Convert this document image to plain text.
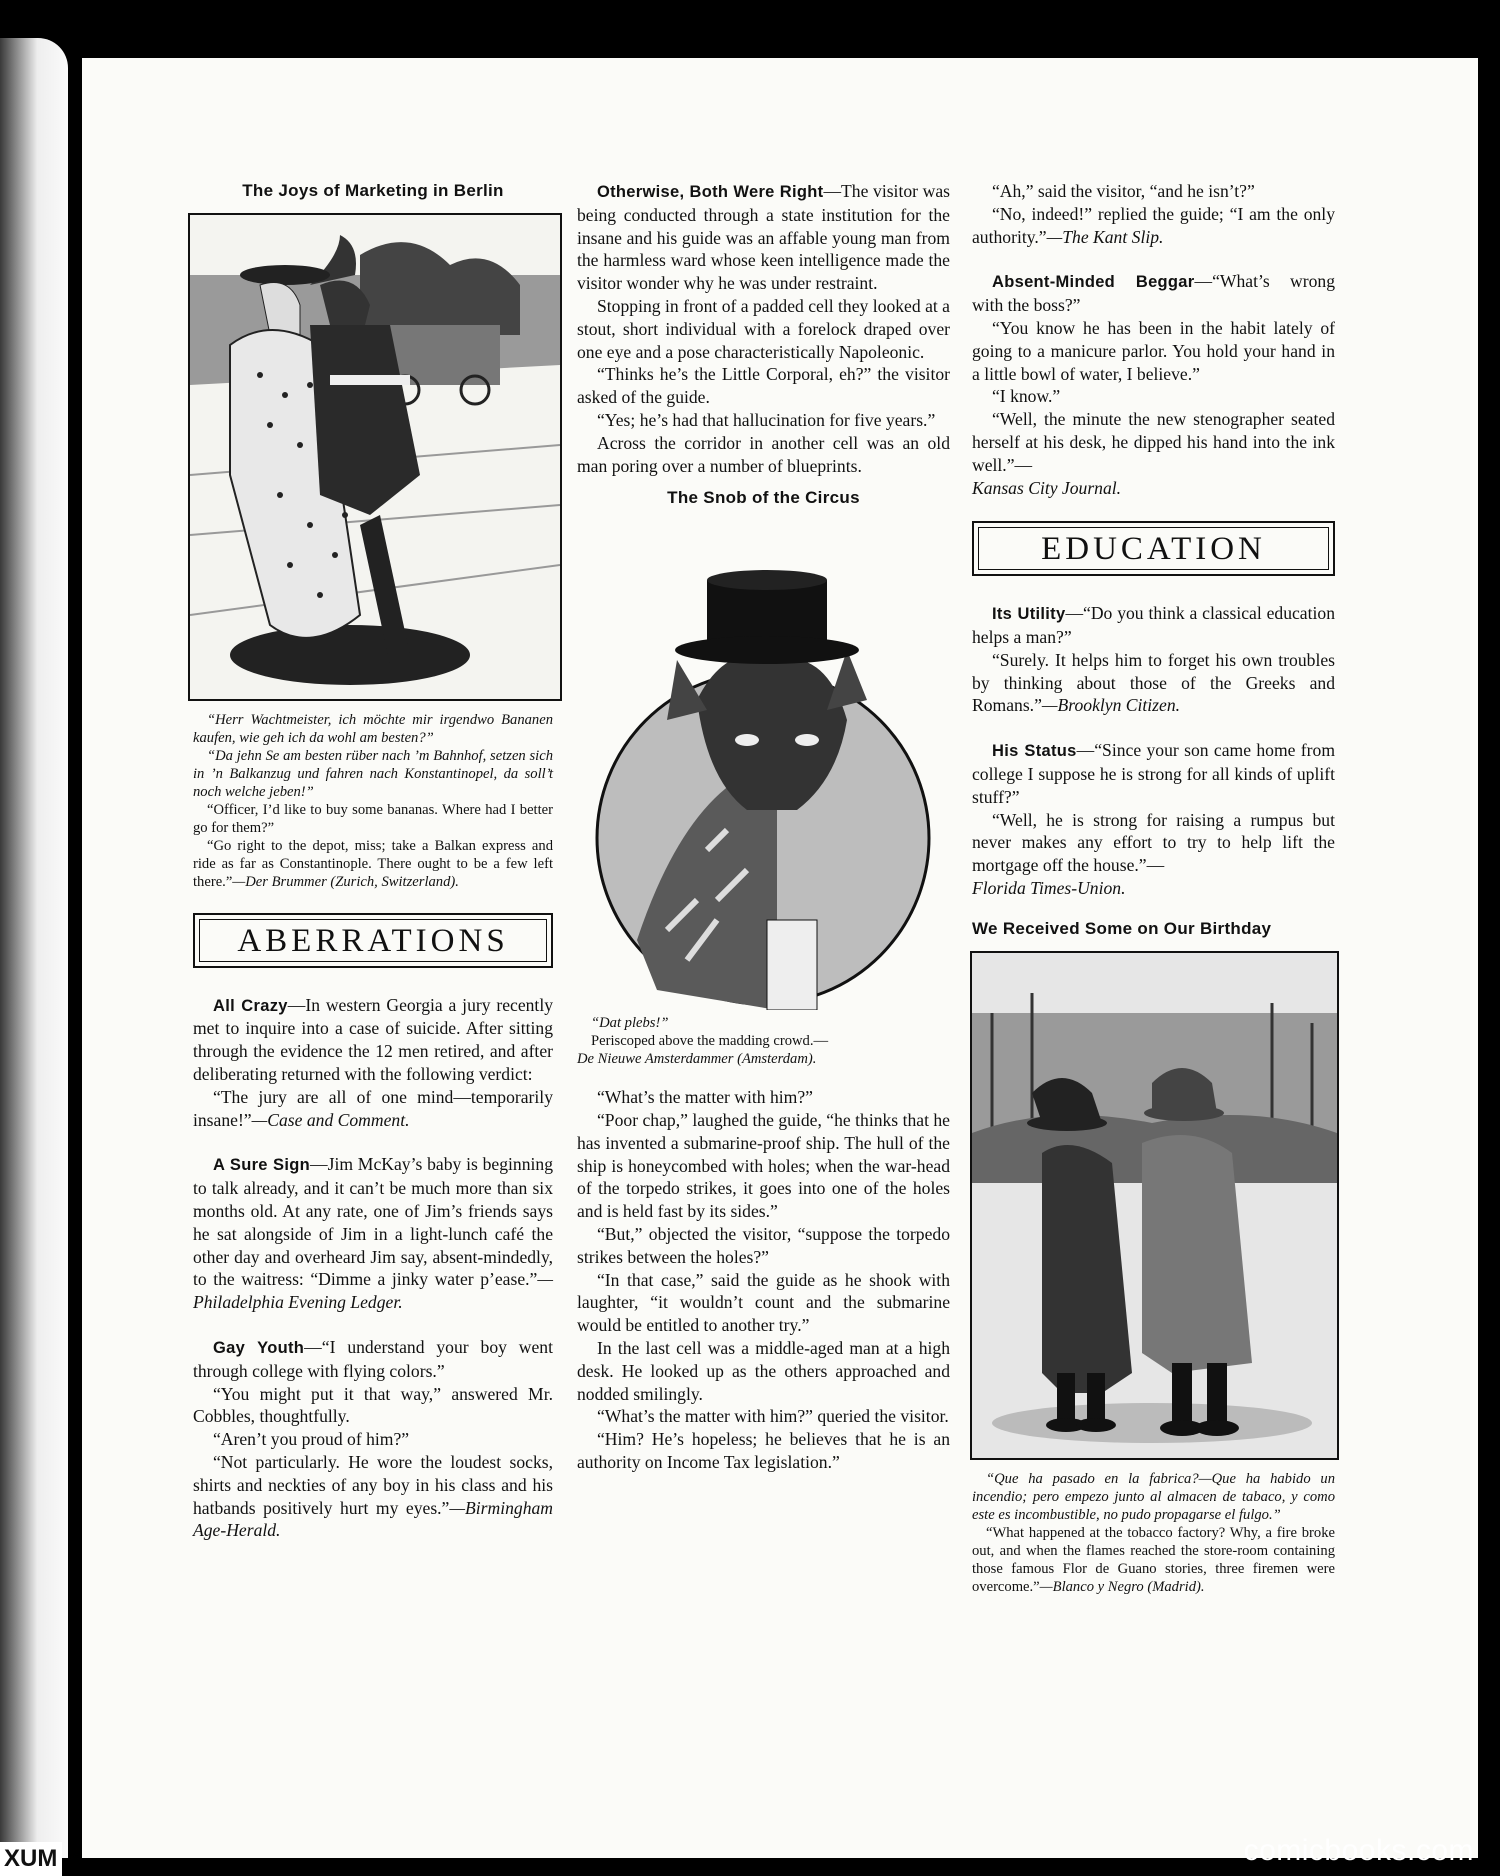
The Joys of Marketing in Berlin

“Herr Wachtmeister, ich möchte mir irgendwo Bananen kaufen, wie geh ich da wohl am besten?”

“Da jehn Se am besten rüber nach ’m Bahnhof, setzen sich in ’n Balkanzug und fahren nach Konstantinopel, da soll’t noch welche jeben!”

“Officer, I’d like to buy some bananas. Where had I better go for them?”

“Go right to the depot, miss; take a Balkan express and ride as far as Constantinople. There ought to be a few left there.”—Der Brummer (Zurich, Switzerland).

ABERRATIONS

All Crazy—In western Georgia a jury recently met to inquire into a case of suicide. After sitting through the evidence the 12 men retired, and after deliberating returned with the following verdict:

“The jury are all of one mind—temporarily insane!”—Case and Comment.

A Sure Sign—Jim McKay’s baby is beginning to talk already, and it can’t be much more than six months old. At any rate, one of Jim’s friends says he sat alongside of Jim in a light-lunch café the other day and overheard Jim say, absent-mindedly, to the waitress: “Dimme a jinky water p’ease.”—Philadelphia Evening Ledger.

Gay Youth—“I understand your boy went through college with flying colors.”

“You might put it that way,” answered Mr. Cobbles, thoughtfully.

“Aren’t you proud of him?”

“Not particularly. He wore the loudest socks, shirts and neckties of any boy in his class and his hatbands positively hurt my eyes.”—Birmingham Age-Herald.

Otherwise, Both Were Right—The visitor was being conducted through a state institution for the insane and his guide was an affable young man from the harmless ward whose keen intelligence made the visitor wonder why he was under restraint.

Stopping in front of a padded cell they looked at a stout, short individual with a forelock draped over one eye and a pose characteristically Napoleonic.

“Thinks he’s the Little Corporal, eh?” the visitor asked of the guide.

“Yes; he’s had that hallucination for five years.”

Across the corridor in another cell was an old man poring over a number of blueprints.

The Snob of the Circus

“Dat plebs!”

Periscoped above the madding crowd.—

De Nieuwe Amsterdammer (Amsterdam).

“What’s the matter with him?”

“Poor chap,” laughed the guide, “he thinks that he has invented a submarine-proof ship. The hull of the ship is honeycombed with holes; when the war-head of the torpedo strikes, it goes into one of the holes and is held fast by its sides.”

“But,” objected the visitor, “suppose the torpedo strikes between the holes?”

“In that case,” said the guide as he shook with laughter, “it wouldn’t count and the submarine would be entitled to another try.”

In the last cell was a middle-aged man at a high desk. He looked up as the others approached and nodded smilingly.

“What’s the matter with him?” queried the visitor.

“Him? He’s hopeless; he believes that he is an authority on Income Tax legislation.”

“Ah,” said the visitor, “and he isn’t?”

“No, indeed!” replied the guide; “I am the only authority.”—The Kant Slip.

Absent-Minded Beggar—“What’s wrong with the boss?”

“You know he has been in the habit lately of going to a manicure parlor. You hold your hand in a little bowl of water, I believe.”

“I know.”

“Well, the minute the new stenographer seated herself at his desk, he dipped his hand into the ink well.”—

Kansas City Journal.

EDUCATION

Its Utility—“Do you think a classical education helps a man?”

“Surely. It helps him to forget his own troubles by thinking about those of the Greeks and Romans.”—Brooklyn Citizen.

His Status—“Since your son came home from college I suppose he is strong for all kinds of uplift stuff?”

“Well, he is strong for raising a rumpus but never makes any effort to try to help lift the mortgage off the house.”—

Florida Times-Union.

We Received Some on Our Birthday

“Que ha pasado en la fabrica?—Que ha habido un incendio; pero empezo junto al almacen de tabaco, y como este es incombustible, no pudo propagarse el fulgo.”

“What happened at the tobacco factory? Why, a fire broke out, and when the flames reached the store-room containing those famous Flor de Guano stories, three firemen were overcome.”—Blanco y Negro (Madrid).

XUM	comicbooks.com
